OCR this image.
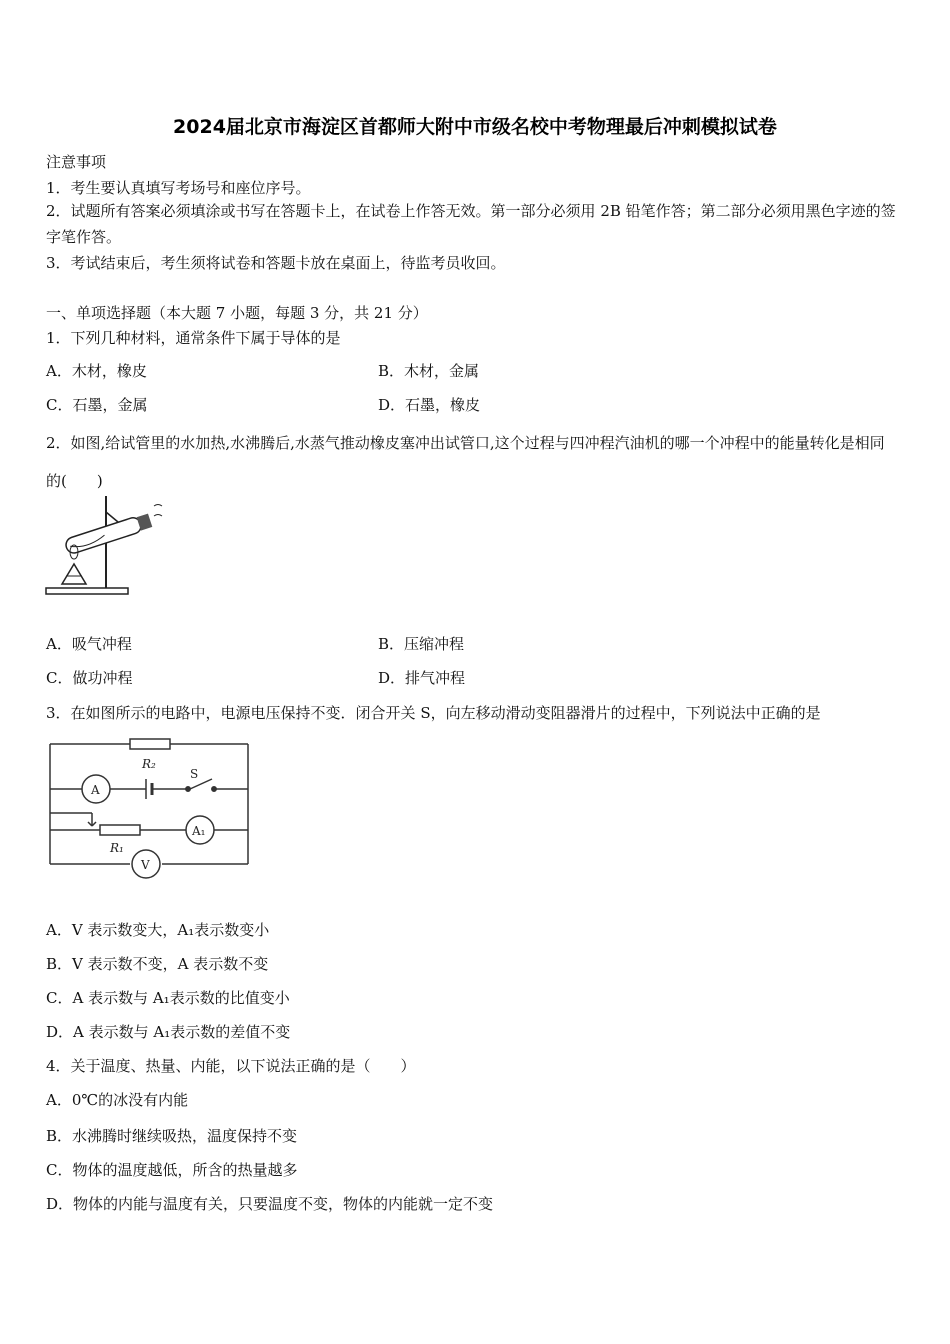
2024届北京市海淀区首都师大附中市级名校中考物理最后冲刺模拟试卷
注意事项
1．考生要认真填写考场号和座位序号。
2．试题所有答案必须填涂或书写在答题卡上，在试卷上作答无效。第一部分必须用 2B 铅笔作答；第二部分必须用黑色字迹的签字笔作答。
3．考试结束后，考生须将试卷和答题卡放在桌面上，待监考员收回。
一、单项选择题（本大题 7 小题，每题 3 分，共 21 分）
1．下列几种材料，通常条件下属于导体的是
A．木材，橡皮	B．木材，金属
C．石墨，金属	D．石墨，橡皮
2．如图,给试管里的水加热,水沸腾后,水蒸气推动橡皮塞冲出试管口,这个过程与四冲程汽油机的哪一个冲程中的能量转化是相同的(　　)
A．吸气冲程	B．压缩冲程
C．做功冲程	D．排气冲程
3．在如图所示的电路中，电源电压保持不变．闭合开关 S，向左移动滑动变阻器滑片的过程中，下列说法中正确的是
R₂
S
A
R₁
A₁
V
A．V 表示数变大，A₁表示数变小
B．V 表示数不变，A 表示数不变
C．A 表示数与 A₁表示数的比值变小
D．A 表示数与 A₁表示数的差值不变
4．关于温度、热量、内能，以下说法正确的是（　　）
A．0℃的冰没有内能
B．水沸腾时继续吸热，温度保持不变
C．物体的温度越低，所含的热量越多
D．物体的内能与温度有关，只要温度不变，物体的内能就一定不变
